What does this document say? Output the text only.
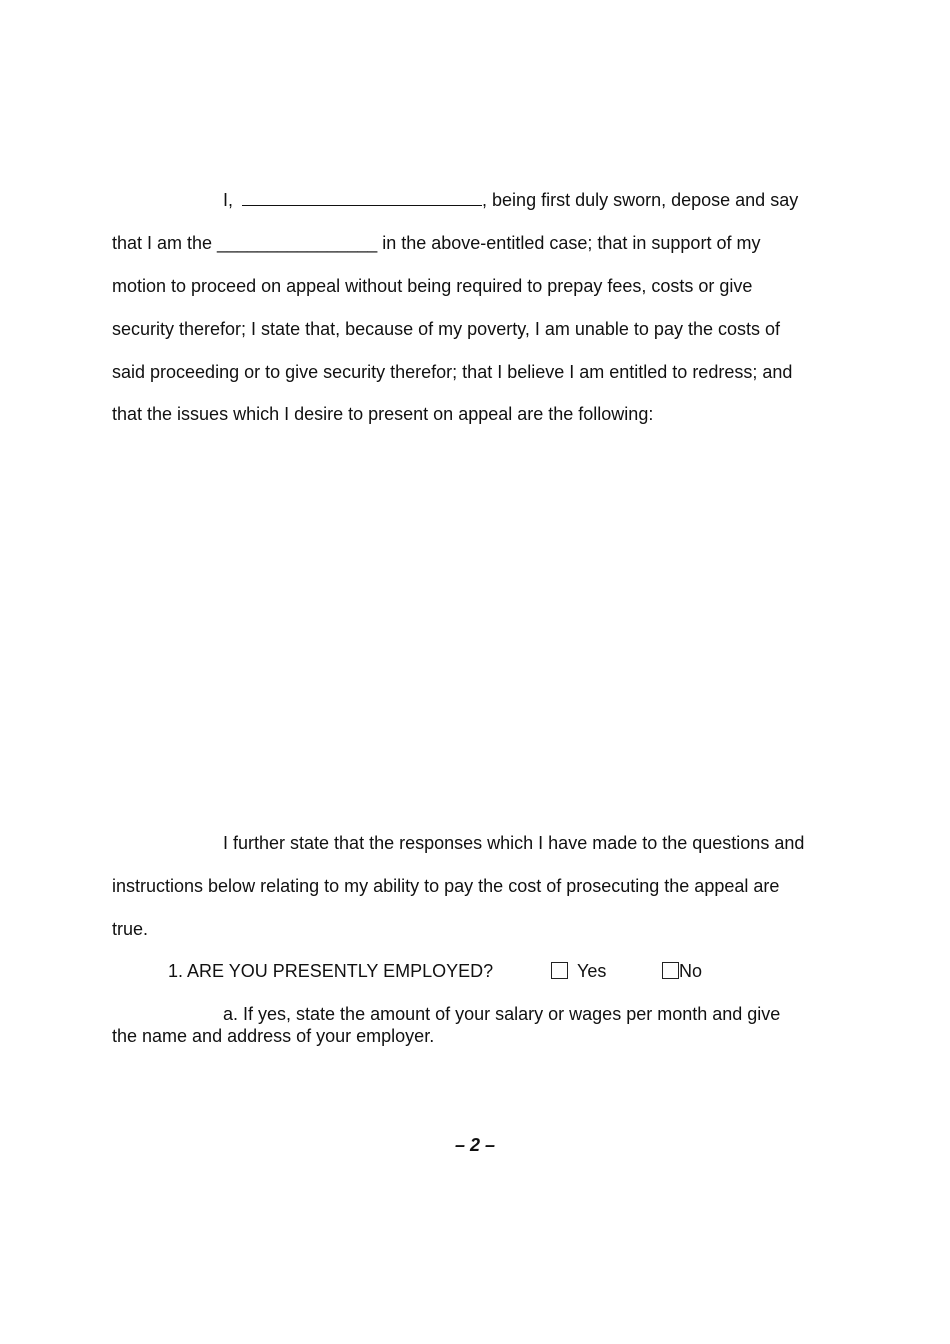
I,	, being first duly sworn, depose and say
that I am the ________________ in the above-entitled case; that in support of my
motion to proceed on appeal without being required to prepay fees, costs or give
security therefor; I state that, because of my poverty, I am unable to pay the costs of
said proceeding or to give security therefor; that I believe I am entitled to redress; and
that the issues which I desire to present on appeal are the following:
I further state that the responses which I have made to the questions and
instructions below relating to my ability to pay the cost of prosecuting the appeal are
true.
1. ARE YOU PRESENTLY EMPLOYED?	Yes	No
a. If yes, state the amount of your salary or wages per month and give
the name and address of your employer.
– 2 –
